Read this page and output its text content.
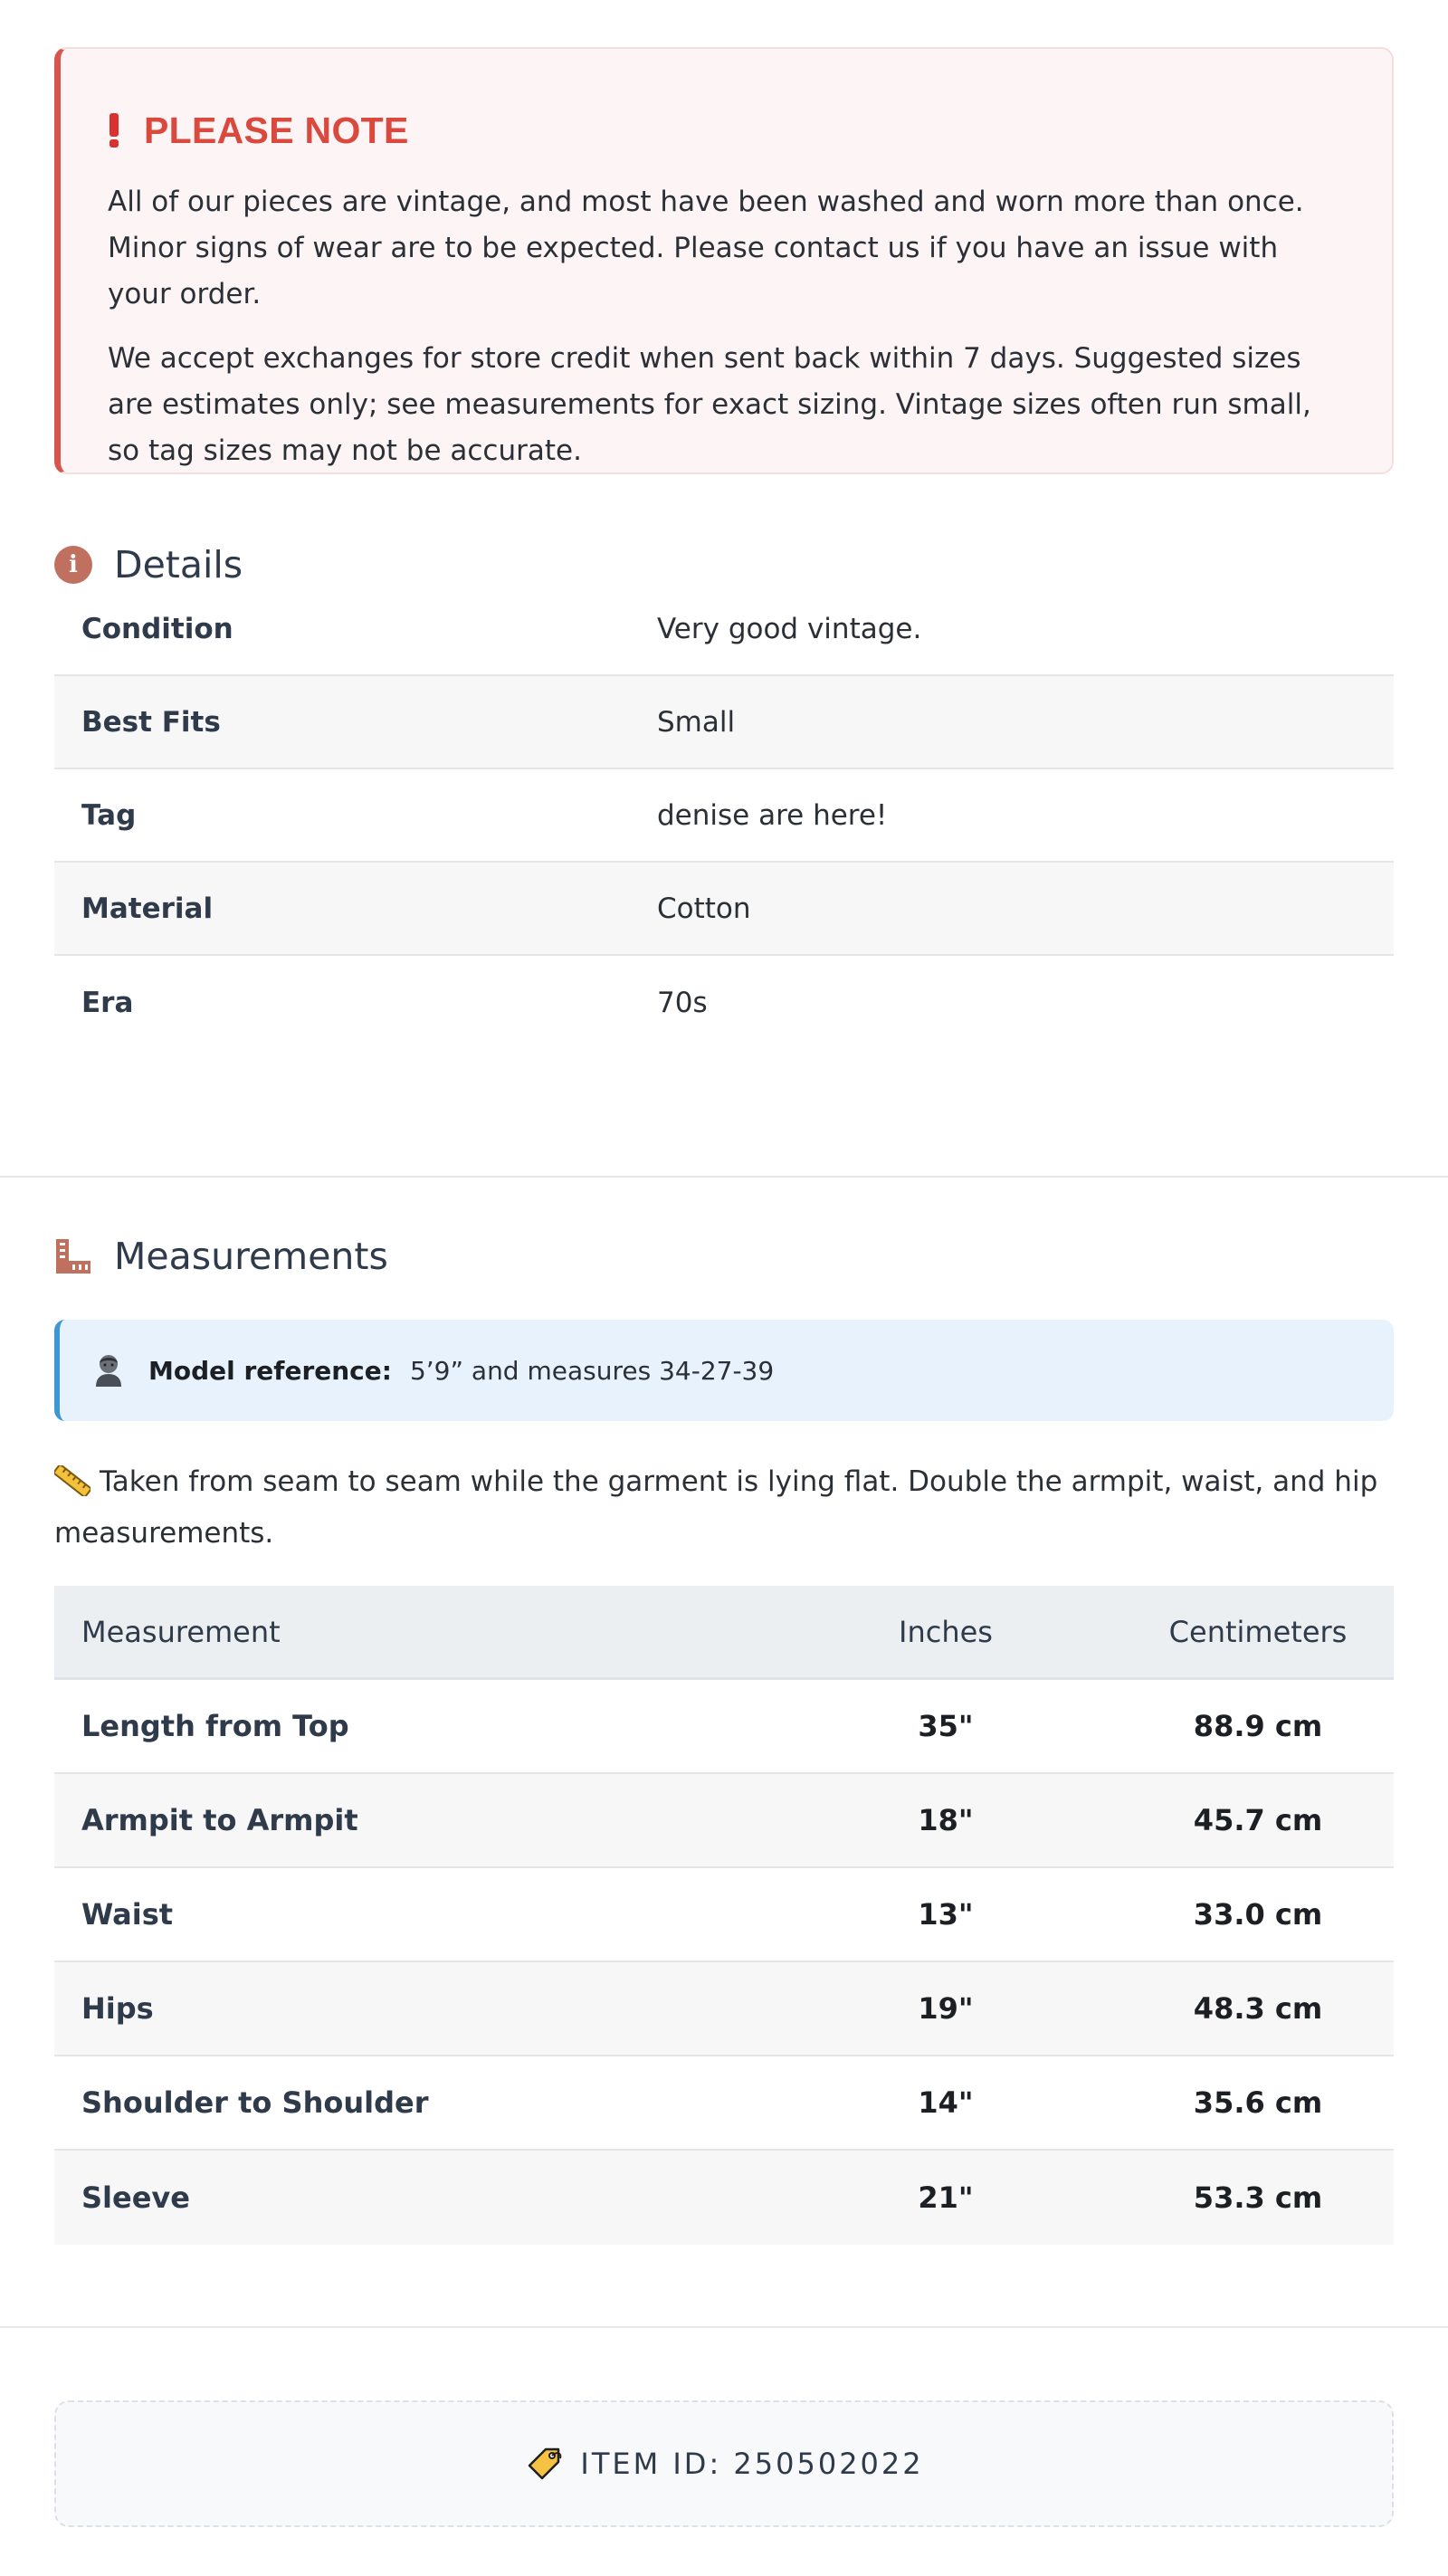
PLEASE NOTE

All of our pieces are vintage, and most have been washed and worn more than once. Minor signs of wear are to be expected. Please contact us if you have an issue with your order.

We accept exchanges for store credit when sent back within 7 days. Suggested sizes are estimates only; see measurements for exact sizing. Vintage sizes often run small, so tag sizes may not be accurate.

i Details
Condition	Very good vintage.
Best Fits	Small
Tag	denise are here!
Material	Cotton
Era	70s
Measurements
Model reference: 5’9” and measures 34-27-39
Taken from seam to seam while the garment is lying flat. Double the armpit, waist, and hip measurements.
Measurement	Inches	Centimeters
Length from Top	35"	88.9 cm
Armpit to Armpit	18"	45.7 cm
Waist	13"	33.0 cm
Hips	19"	48.3 cm
Shoulder to Shoulder	14"	35.6 cm
Sleeve	21"	53.3 cm
ITEM ID: 250502022
